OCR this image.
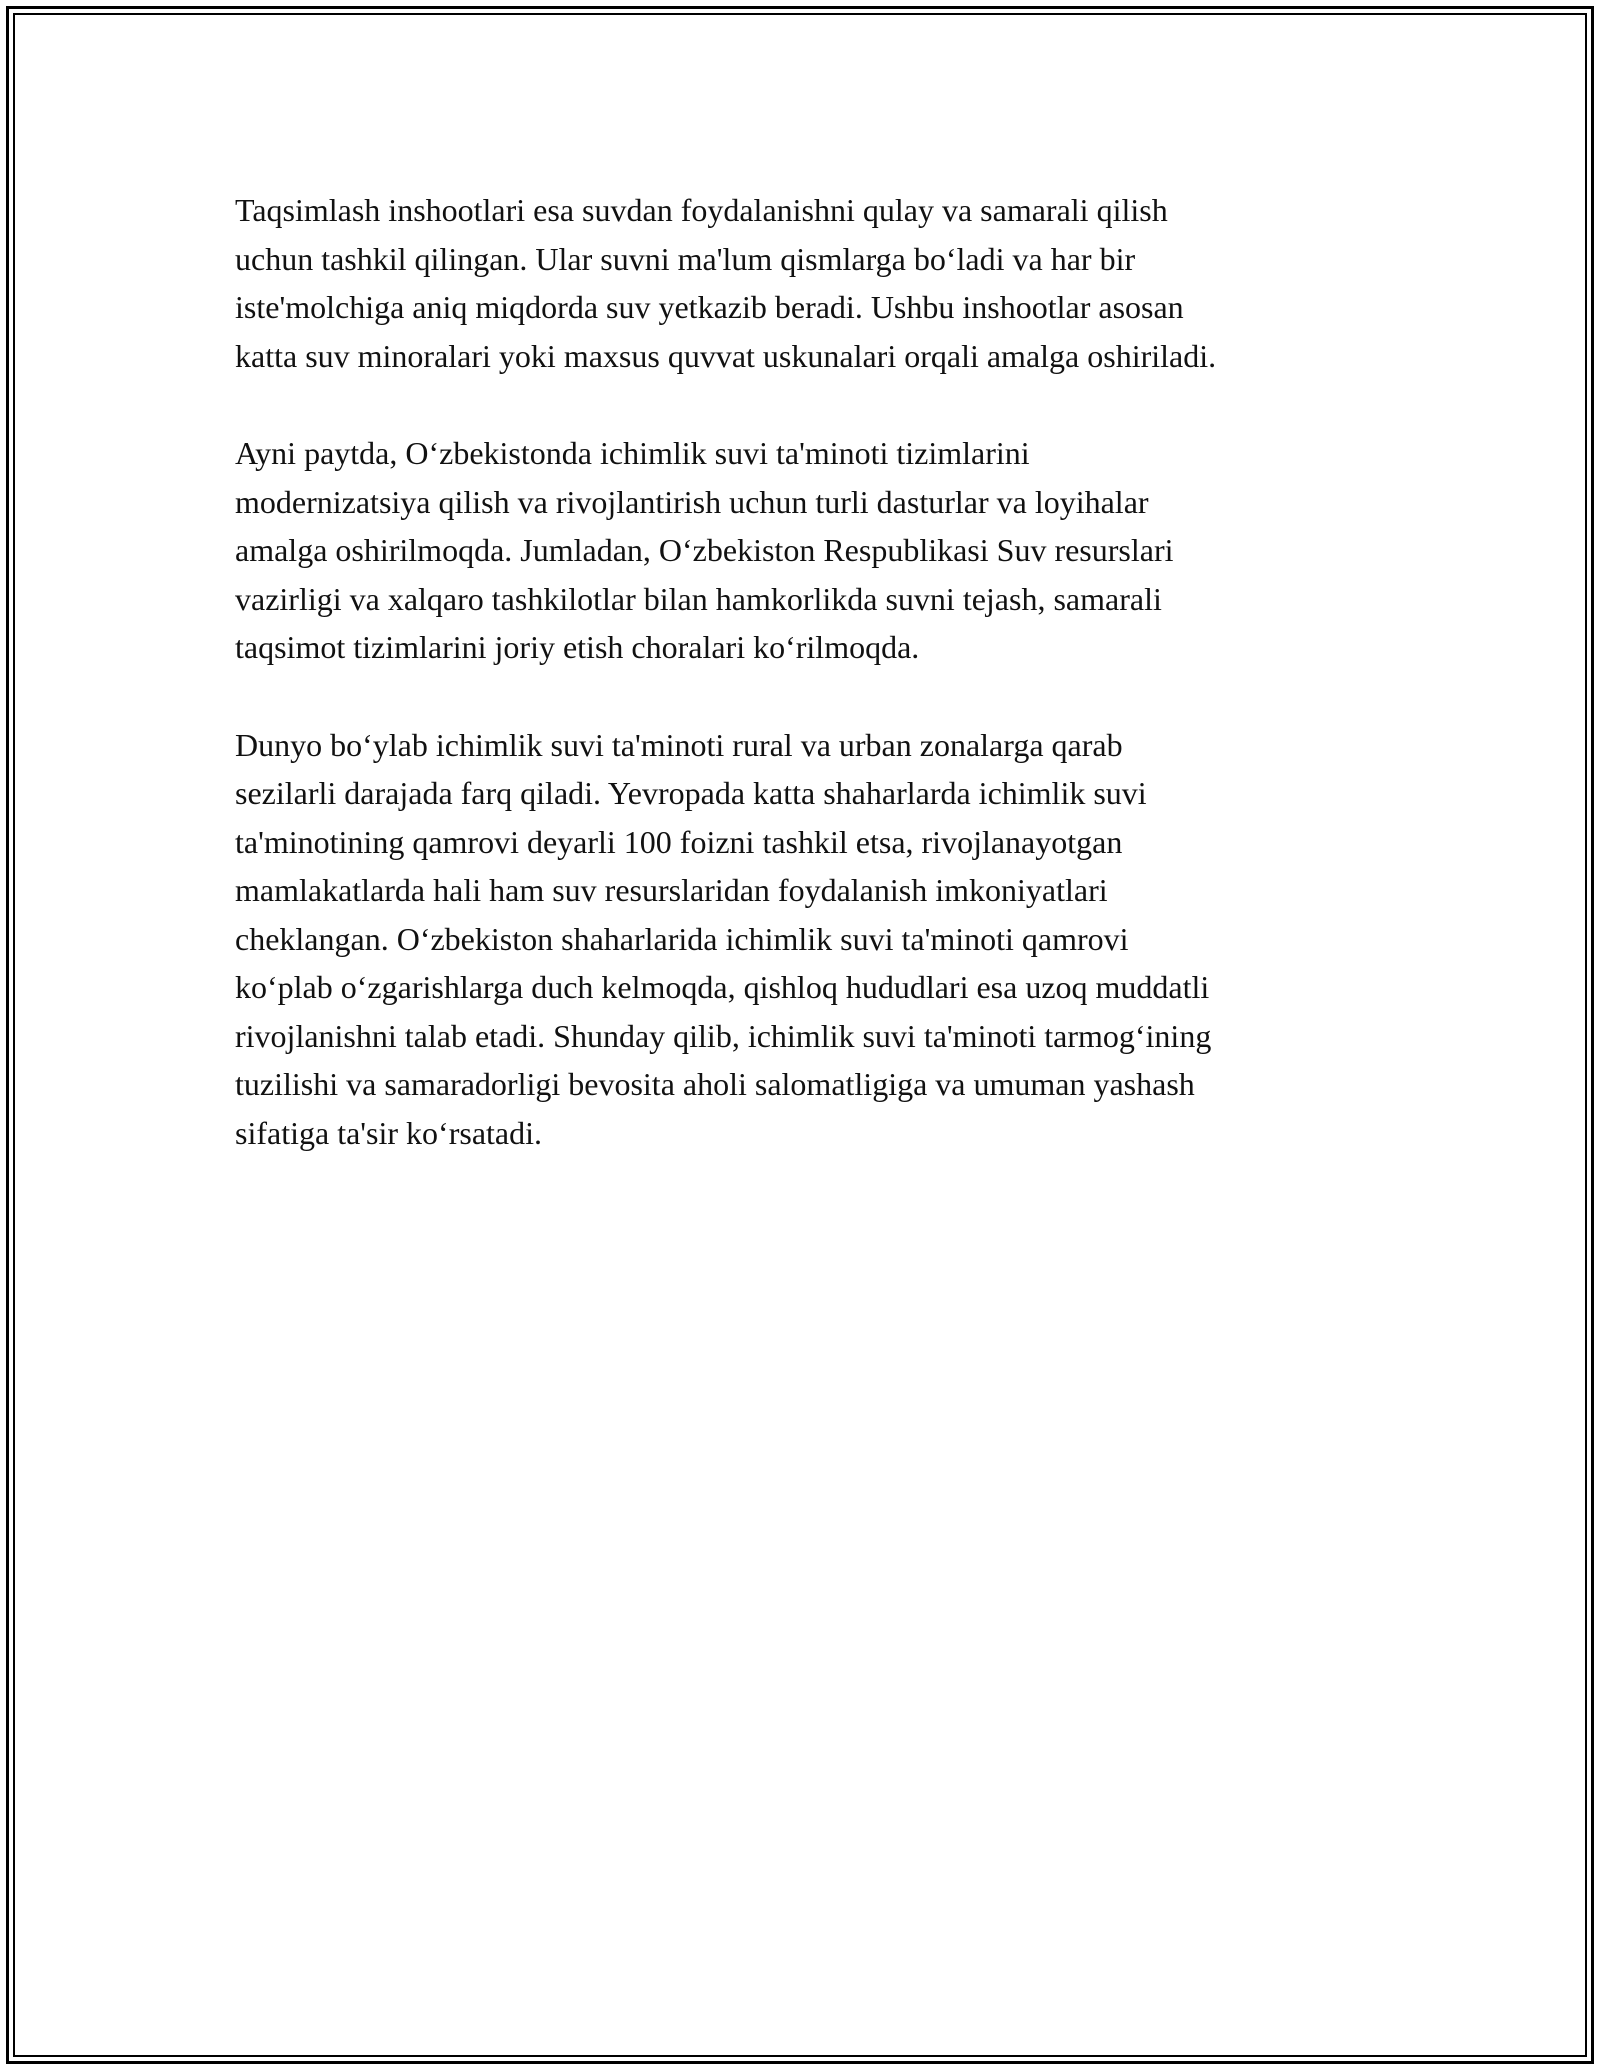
Taqsimlash inshootlari esa suvdan foydalanishni qulay va samarali qilish
uchun tashkil qilingan. Ular suvni ma'lum qismlarga bo‘ladi va har bir
iste'molchiga aniq miqdorda suv yetkazib beradi. Ushbu inshootlar asosan
katta suv minoralari yoki maxsus quvvat uskunalari orqali amalga oshiriladi.

Ayni paytda, O‘zbekistonda ichimlik suvi ta'minoti tizimlarini
modernizatsiya qilish va rivojlantirish uchun turli dasturlar va loyihalar
amalga oshirilmoqda. Jumladan, O‘zbekiston Respublikasi Suv resurslari
vazirligi va xalqaro tashkilotlar bilan hamkorlikda suvni tejash, samarali
taqsimot tizimlarini joriy etish choralari ko‘rilmoqda.

Dunyo bo‘ylab ichimlik suvi ta'minoti rural va urban zonalarga qarab
sezilarli darajada farq qiladi. Yevropada katta shaharlarda ichimlik suvi
ta'minotining qamrovi deyarli 100 foizni tashkil etsa, rivojlanayotgan
mamlakatlarda hali ham suv resurslaridan foydalanish imkoniyatlari
cheklangan. O‘zbekiston shaharlarida ichimlik suvi ta'minoti qamrovi
ko‘plab o‘zgarishlarga duch kelmoqda, qishloq hududlari esa uzoq muddatli
rivojlanishni talab etadi. Shunday qilib, ichimlik suvi ta'minoti tarmog‘ining
tuzilishi va samaradorligi bevosita aholi salomatligiga va umuman yashash
sifatiga ta'sir ko‘rsatadi.
